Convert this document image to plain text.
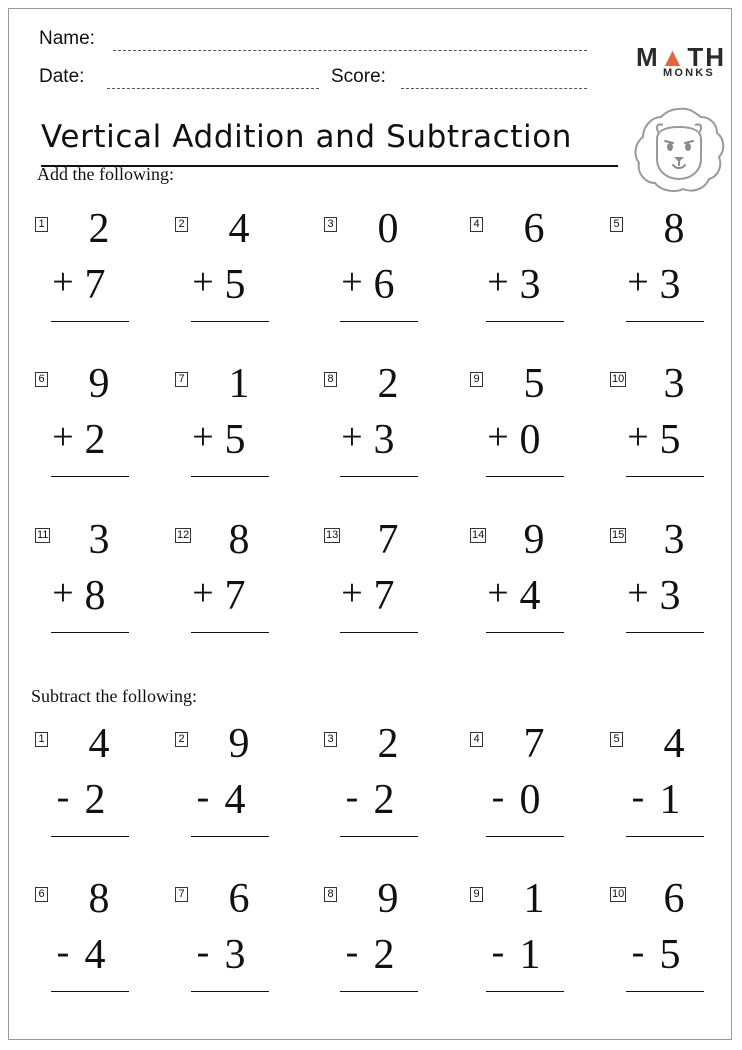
Name:
Date:	Score:
M▲TH
MONKS
Vertical Addition and Subtraction
Add the following:
1 2
+ 7
2 4
+ 5
3 0
+ 6
4 6
+ 3
5 8
+ 3
6 9
+ 2
7 1
+ 5
8 2
+ 3
9 5
+ 0
10 3
+ 5
11 3
+ 8
12 8
+ 7
13 7
+ 7
14 9
+ 4
15 3
+ 3
Subtract the following:
1 4
- 2
2 9
- 4
3 2
- 2
4 7
- 0
5 4
- 1
6 8
- 4
7 6
- 3
8 9
- 2
9 1
- 1
10 6
- 5
